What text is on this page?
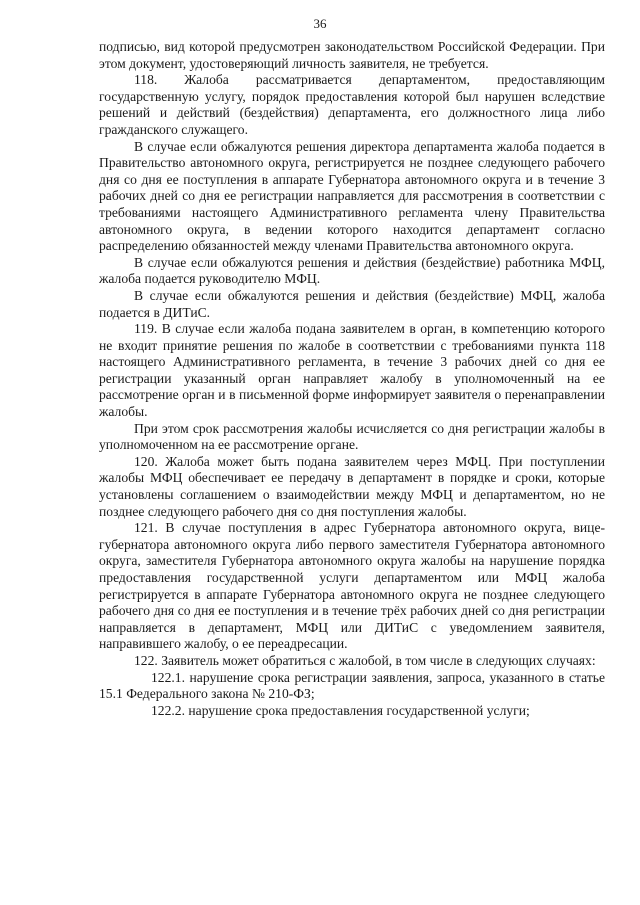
36

подписью, вид которой предусмотрен законодательством Российской Федерации. При этом документ, удостоверяющий личность заявителя, не требуется.

118. Жалоба рассматривается департаментом, предоставляющим государственную услугу, порядок предоставления которой был нарушен вследствие решений и действий (бездействия) департамента, его должностного лица либо гражданского служащего.

В случае если обжалуются решения директора департамента жалоба подается в Правительство автономного округа, регистрируется не позднее следующего рабочего дня со дня ее поступления в аппарате Губернатора автономного округа и в течение 3 рабочих дней со дня ее регистрации направляется для рассмотрения в соответствии с требованиями настоящего Административного регламента члену Правительства автономного округа, в ведении которого находится департамент согласно распределению обязанностей между членами Правительства автономного округа.

В случае если обжалуются решения и действия (бездействие) работника МФЦ, жалоба подается руководителю МФЦ.

В случае если обжалуются решения и действия (бездействие) МФЦ, жалоба подается в ДИТиС.

119. В случае если жалоба подана заявителем в орган, в компетенцию которого не входит принятие решения по жалобе в соответствии с требованиями пункта 118 настоящего Административного регламента, в течение 3 рабочих дней со дня ее регистрации указанный орган направляет жалобу в уполномоченный на ее рассмотрение орган и в письменной форме информирует заявителя о перенаправлении жалобы.

При этом срок рассмотрения жалобы исчисляется со дня регистрации жалобы в уполномоченном на ее рассмотрение органе.

120. Жалоба может быть подана заявителем через МФЦ. При поступлении жалобы МФЦ обеспечивает ее передачу в департамент в порядке и сроки, которые установлены соглашением о взаимодействии между МФЦ и департаментом, но не позднее следующего рабочего дня со дня поступления жалобы.

121. В случае поступления в адрес Губернатора автономного округа, вице-губернатора автономного округа либо первого заместителя Губернатора автономного округа, заместителя Губернатора автономного округа жалобы на нарушение порядка предоставления государственной услуги департаментом или МФЦ жалоба регистрируется в аппарате Губернатора автономного округа не позднее следующего рабочего дня со дня ее поступления и в течение трёх рабочих дней со дня регистрации направляется в департамент, МФЦ или ДИТиС с уведомлением заявителя, направившего жалобу, о ее переадресации.

122. Заявитель может обратиться с жалобой, в том числе в следующих случаях:

122.1. нарушение срока регистрации заявления, запроса, указанного в статье 15.1 Федерального закона № 210-ФЗ;

122.2. нарушение срока предоставления государственной услуги;
